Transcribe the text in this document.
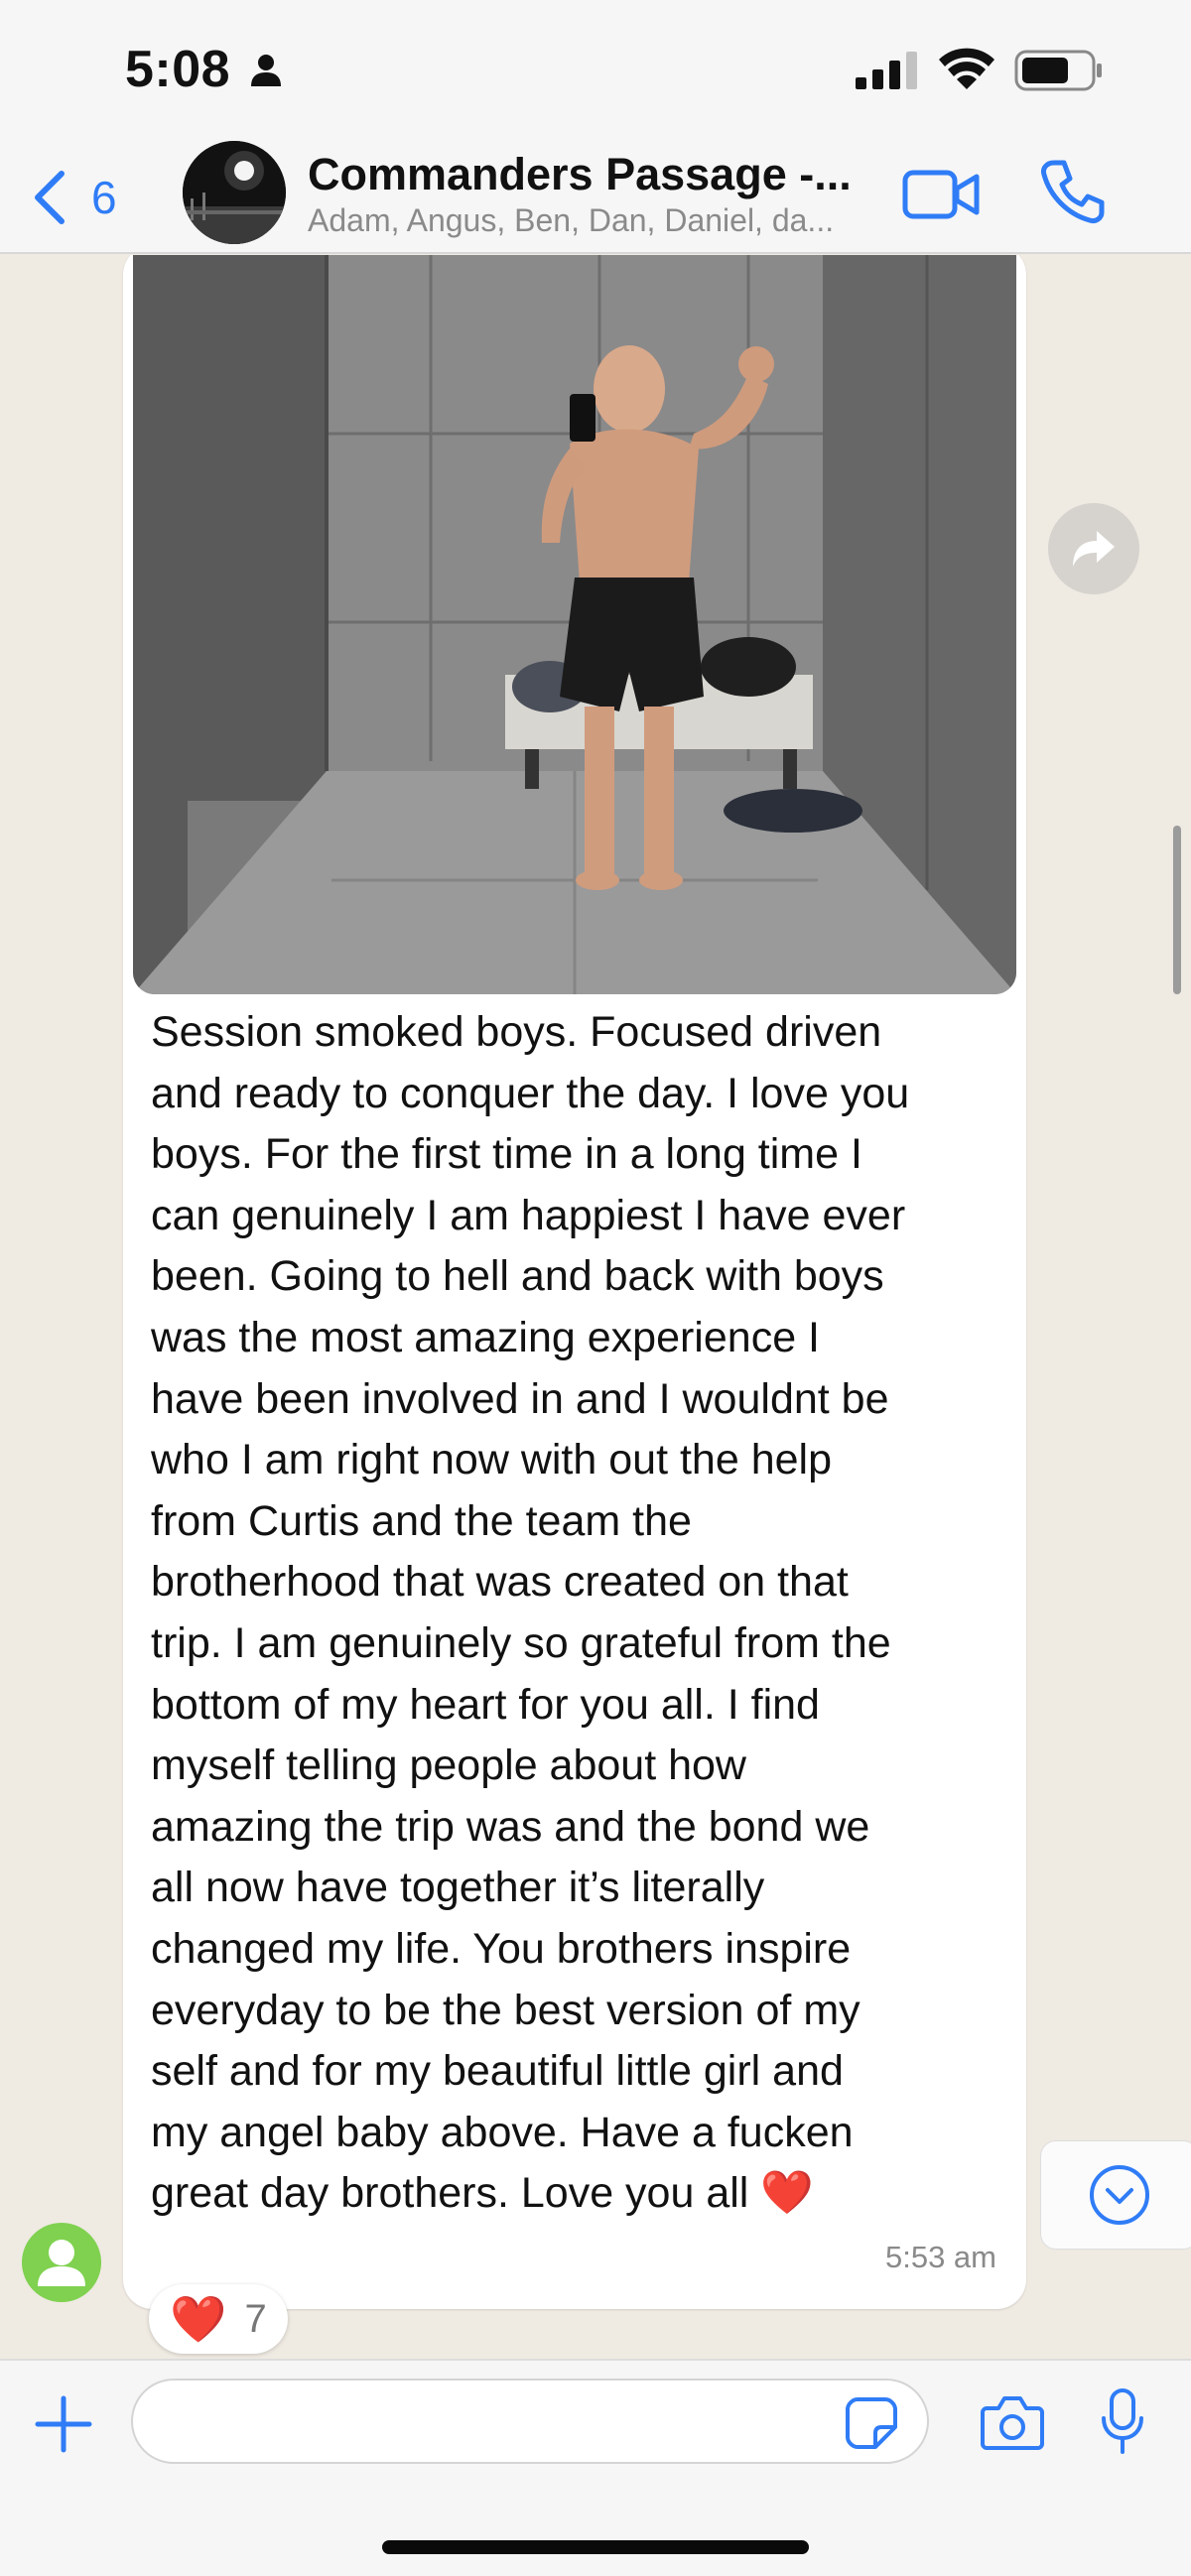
5:08
6	Commanders Passage -...
Adam, Angus, Ben, Dan, Daniel, da...
Session smoked boys. Focused driven
and ready to conquer the day. I love you
boys. For the first time in a long time I
can genuinely I am happiest I have ever
been. Going to hell and back with boys
was the most amazing experience I
have been involved in and I wouldnt be
who I am right now with out the help
from Curtis and the team the
brotherhood that was created on that
trip. I am genuinely so grateful from the
bottom of my heart for you all. I find
myself telling people about how
amazing the trip was and the bond we
all now have together it’s literally
changed my life. You brothers inspire
everyday to be the best version of my
self and for my beautiful little girl and
my angel baby above. Have a fucken
great day brothers. Love you all ❤️
5:53 am
❤️ 7
